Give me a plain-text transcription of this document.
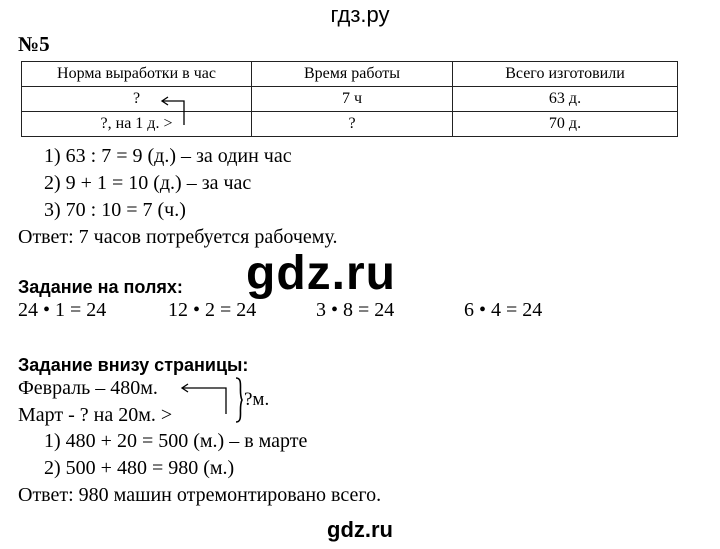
гдз.ру
№5
Норма выработки в час	Время работы	Всего изготовили
?	7 ч	63 д.
?, на 1 д. >	?	70 д.
1) 63 : 7 = 9 (д.) – за один час
2) 9 + 1 = 10 (д.) – за час
3) 70 : 10 = 7 (ч.)
Ответ: 7 часов потребуется рабочему.
gdz.ru
Задание на полях:
24 • 1 = 24	12 • 2 = 24	3 • 8 = 24	6 • 4 = 24
Задание внизу страницы:
Февраль – 480м.
Март - ? на 20м. >
?м.
1) 480 + 20 = 500 (м.) – в марте
2) 500 + 480 = 980 (м.)
Ответ: 980 машин отремонтировано всего.
gdz.ru
